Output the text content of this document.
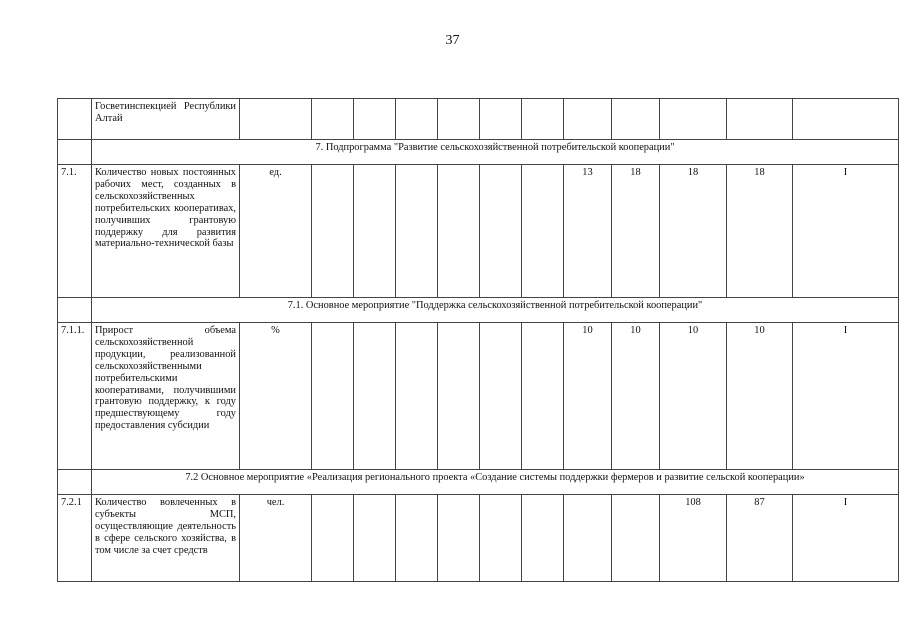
37
	Госветинспекцией Республики Алтай												
	7. Подпрограмма "Развитие сельскохозяйственной потребительской кооперации"												
7.1.	Количество новых постоянных рабочих мест, созданных в сельскохозяйственных потребительских кооперативах, получивших грантовую поддержку для развития материально-технической базы	ед.							13	18	18	18	I
	7.1. Основное мероприятие "Поддержка сельскохозяйственной потребительской кооперации"												
7.1.1.	Прирост объема сельскохозяйственной продукции, реализованной сельскохозяйственными потребительскими кооперативами, получившими грантовую поддержку, к году предшествующему году предоставления субсидии	%							10	10	10	10	I
	7.2 Основное мероприятие «Реализация регионального проекта «Создание системы поддержки фермеров и развитие сельской кооперации»												
7.2.1	Количество вовлеченных в субъекты МСП, осуществляющие деятельность в сфере сельского хозяйства, в том числе за счет средств	чел.									108	87	I
